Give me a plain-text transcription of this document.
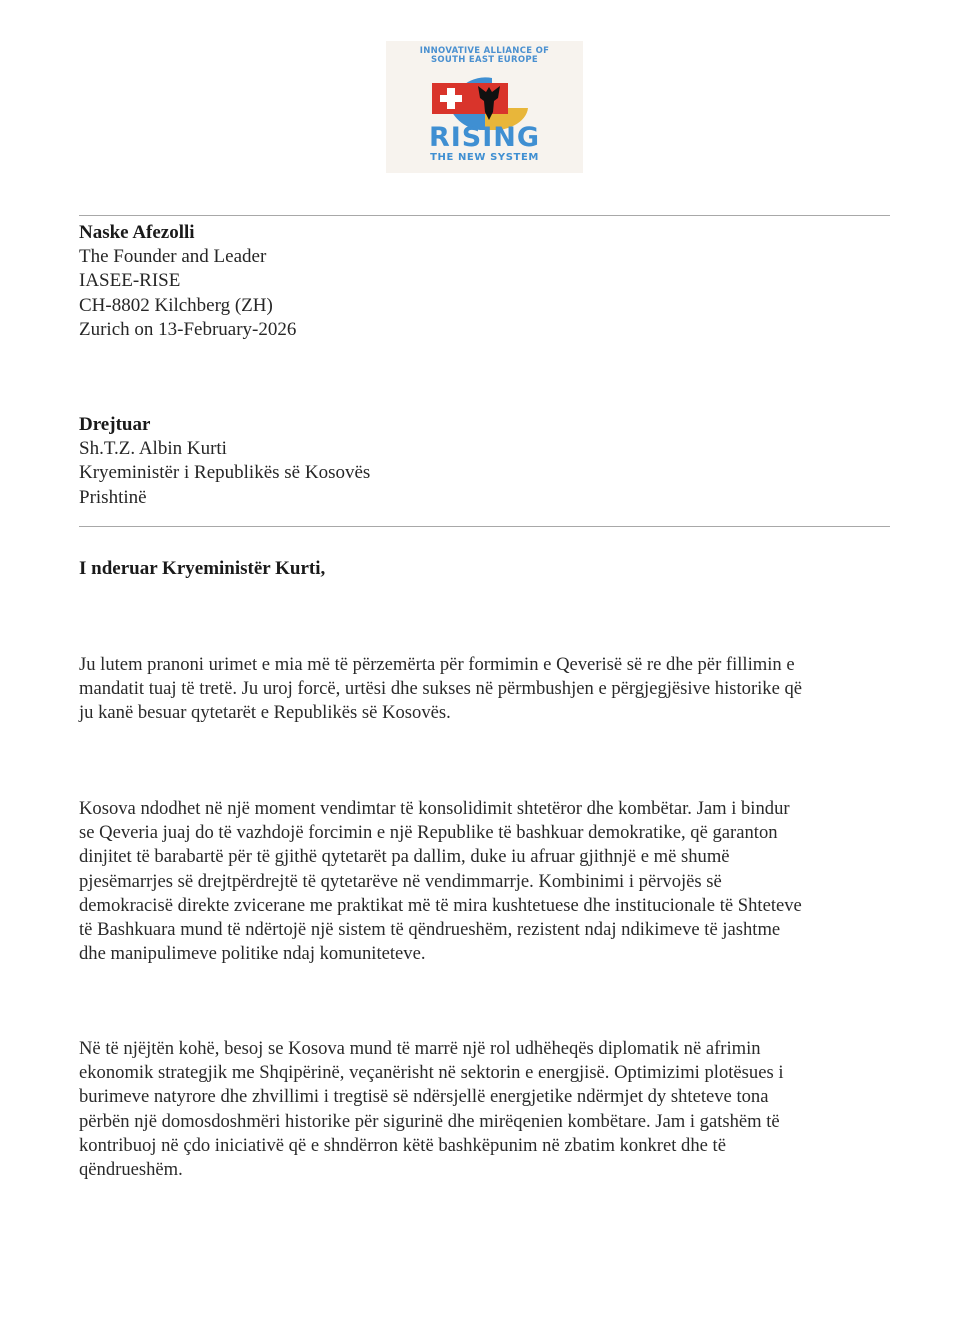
INNOVATIVE ALLIANCE OF
SOUTH EAST EUROPE
RISING
THE NEW SYSTEM
Naske Afezolli
The Founder and Leader
IASEE-RISE
CH-8802 Kilchberg (ZH)
Zurich on 13-February-2026
Drejtuar
Sh.T.Z. Albin Kurti
Kryeministër i Republikës së Kosovës
Prishtinë
I nderuar Kryeministër Kurti,
Ju lutem pranoni urimet e mia më të përzemërta për formimin e Qeverisë së re dhe për fillimin e
mandatit tuaj të tretë. Ju uroj forcë, urtësi dhe sukses në përmbushjen e përgjegjësive historike që
ju kanë besuar qytetarët e Republikës së Kosovës.
Kosova ndodhet në një moment vendimtar të konsolidimit shtetëror dhe kombëtar. Jam i bindur
se Qeveria juaj do të vazhdojë forcimin e një Republike të bashkuar demokratike, që garanton
dinjitet të barabartë për të gjithë qytetarët pa dallim, duke iu afruar gjithnjë e më shumë
pjesëmarrjes së drejtpërdrejtë të qytetarëve në vendimmarrje. Kombinimi i përvojës së
demokracisë direkte zvicerane me praktikat më të mira kushtetuese dhe institucionale të Shteteve
të Bashkuara mund të ndërtojë një sistem të qëndrueshëm, rezistent ndaj ndikimeve të jashtme
dhe manipulimeve politike ndaj komuniteteve.
Në të njëjtën kohë, besoj se Kosova mund të marrë një rol udhëheqës diplomatik në afrimin
ekonomik strategjik me Shqipërinë, veçanërisht në sektorin e energjisë. Optimizimi plotësues i
burimeve natyrore dhe zhvillimi i tregtisë së ndërsjellë energjetike ndërmjet dy shteteve tona
përbën një domosdoshmëri historike për sigurinë dhe mirëqenien kombëtare. Jam i gatshëm të
kontribuoj në çdo iniciativë që e shndërron këtë bashkëpunim në zbatim konkret dhe të
qëndrueshëm.
